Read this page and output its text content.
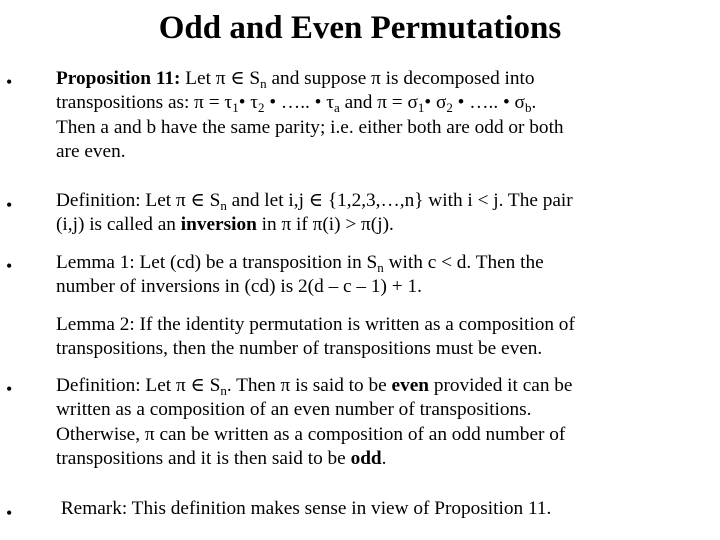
Odd and Even Permutations
•
•
•
•
•
Proposition 11: Let π ∈ $S_n$ and suppose π is decomposed into
transpositions as: $\pi = \tau_1•$ $\tau_2$ • ….. • $\tau_a$ and $\pi = \sigma_1•$ $\sigma_2$ • ….. • $\sigma_b$.
Then a and b have the same parity; i.e. either both are odd or both
are even.
Definition: Let π ∈ $S_n$ and let i,j ∈ {1,2,3,…,n} with i < j. The pair
(i,j) is called an inversion in π if π(i) > π(j).
Lemma 1: Let (cd) be a transposition in $S_n$ with c < d. Then the
number of inversions in (cd) is 2(d – c – 1) + 1.
Lemma 2: If the identity permutation is written as a composition of
transpositions, then the number of transpositions must be even.
Definition: Let π ∈ $S_n$. Then π is said to be even provided it can be
written as a composition of an even number of transpositions.
Otherwise, π can be written as a composition of an odd number of
transpositions and it is then said to be odd.
Remark: This definition makes sense in view of Proposition 11.
